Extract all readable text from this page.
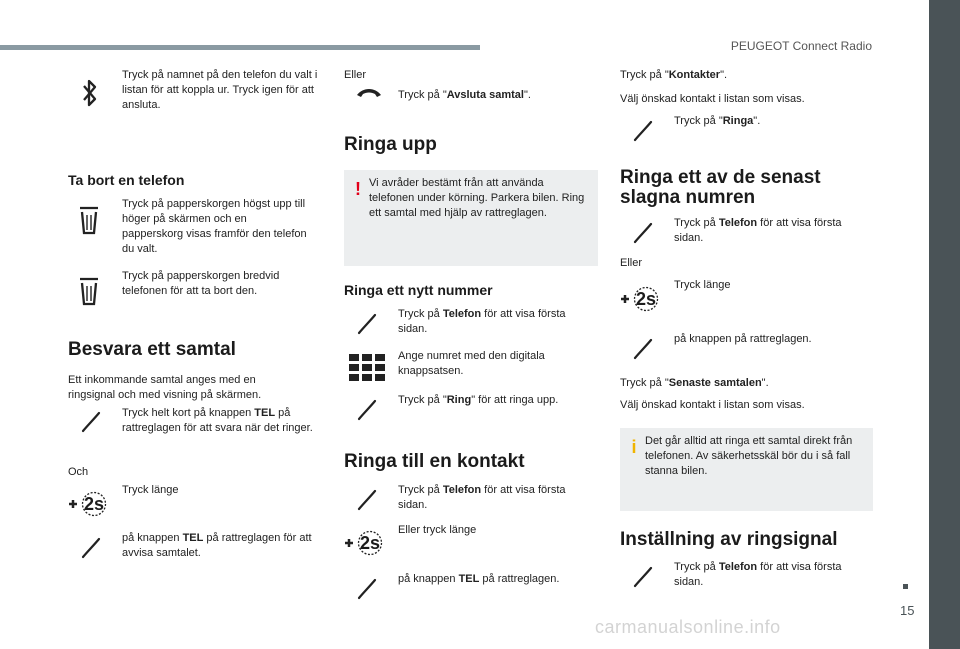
PEUGEOT Connect Radio
15
carmanualsonline.info
Tryck på namnet på den telefon du valt i listan för att koppla ur. Tryck igen för att ansluta.
Ta bort en telefon
Tryck på papperskorgen högst upp till höger på skärmen och en papperskorg visas framför den telefon du valt.
Tryck på papperskorgen bredvid telefonen för att ta bort den.
Besvara ett samtal
Ett inkommande samtal anges med en ringsignal och med visning på skärmen.
Tryck helt kort på knappen TEL på rattreglagen för att svara när det ringer.
Och
2s
Tryck länge
på knappen TEL på rattreglagen för att avvisa samtalet.
Eller
Tryck på "Avsluta samtal".
Ringa upp
! Vi avråder bestämt från att använda telefonen under körning. Parkera bilen. Ring ett samtal med hjälp av rattreglagen.
Ringa ett nytt nummer
Tryck på Telefon för att visa första sidan.
Ange numret med den digitala knappsatsen.
Tryck på "Ring" för att ringa upp.
Ringa till en kontakt
Tryck på Telefon för att visa första sidan.
2s
Eller tryck länge
på knappen TEL på rattreglagen.
Tryck på "Kontakter".
Välj önskad kontakt i listan som visas.
Tryck på "Ringa".
Ringa ett av de senast
slagna numren
Tryck på Telefon för att visa första sidan.
Eller
2s
Tryck länge
på knappen på rattreglagen.
Tryck på "Senaste samtalen".
Välj önskad kontakt i listan som visas.
i Det går alltid att ringa ett samtal direkt från telefonen. Av säkerhetsskäl bör du i så fall stanna bilen.
Inställning av ringsignal
Tryck på Telefon för att visa första sidan.
